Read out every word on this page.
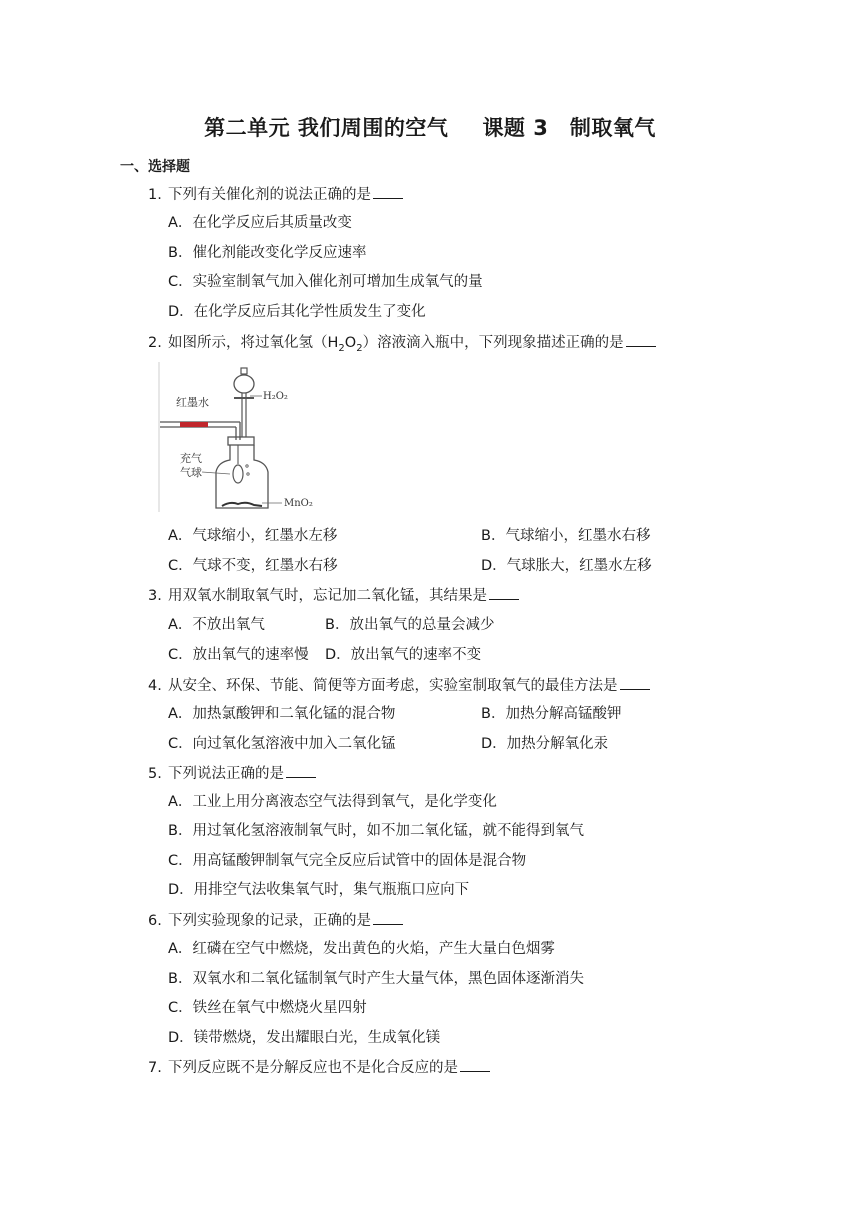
第二单元 我们周围的空气 课题 3　制取氧气
一、选择题
1. 下列有关催化剂的说法正确的是
A．在化学反应后其质量改变
B．催化剂能改变化学反应速率
C．实验室制氧气加入催化剂可增加生成氧气的量
D．在化学反应后其化学性质发生了变化
2. 如图所示，将过氧化氢$(H_2O_2)$溶液滴入瓶中，下列现象描述正确的是
H₂O₂
红墨水
充气
气球
MnO₂
A．气球缩小，红墨水左移	B．气球缩小，红墨水右移
C．气球不变，红墨水右移	D．气球胀大，红墨水左移
3. 用双氧水制取氧气时，忘记加二氧化锰，其结果是
A．不放出氧气	B．放出氧气的总量会减少
C．放出氧气的速率慢 D．放出氧气的速率不变
4. 从安全、环保、节能、简便等方面考虑，实验室制取氧气的最佳方法是
A．加热氯酸钾和二氧化锰的混合物	B．加热分解高锰酸钾
C．向过氧化氢溶液中加入二氧化锰	D．加热分解氧化汞
5. 下列说法正确的是
A．工业上用分离液态空气法得到氧气，是化学变化
B．用过氧化氢溶液制氧气时，如不加二氧化锰，就不能得到氧气
C．用高锰酸钾制氧气完全反应后试管中的固体是混合物
D．用排空气法收集氧气时，集气瓶瓶口应向下
6. 下列实验现象的记录，正确的是
A．红磷在空气中燃烧，发出黄色的火焰，产生大量白色烟雾
B．双氧水和二氧化锰制氧气时产生大量气体，黑色固体逐渐消失
C．铁丝在氧气中燃烧火星四射
D．镁带燃烧，发出耀眼白光，生成氧化镁
7. 下列反应既不是分解反应也不是化合反应的是
